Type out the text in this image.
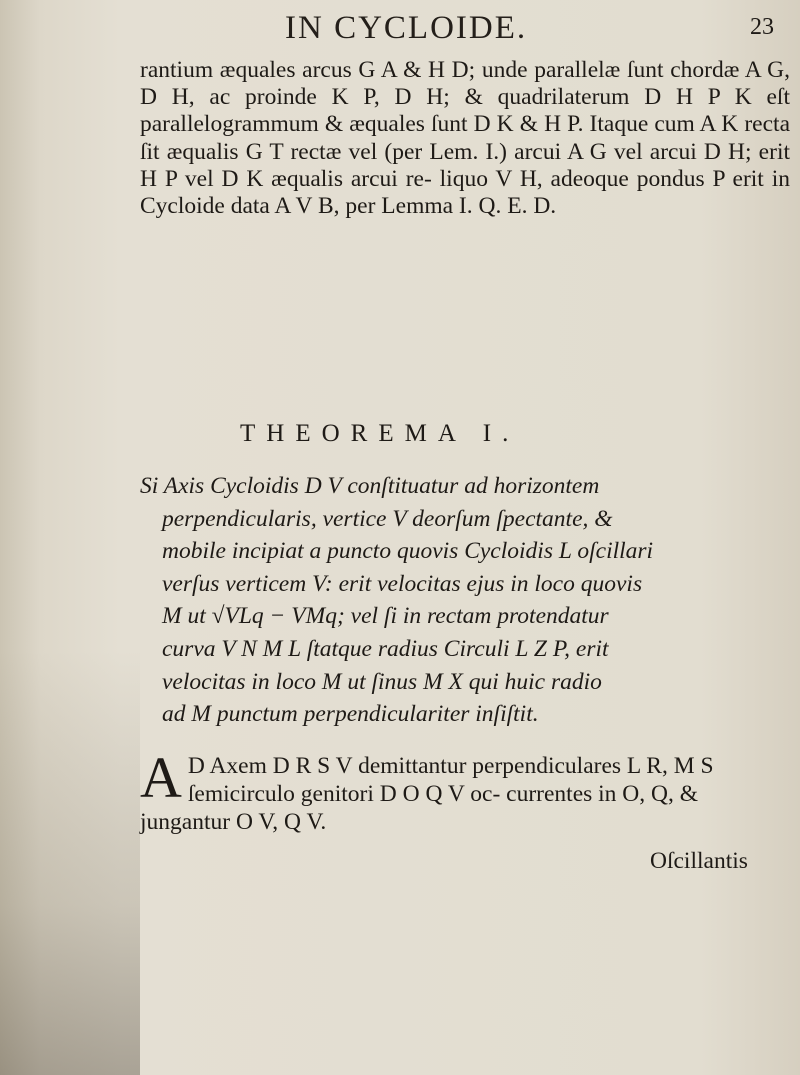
IN CYCLOIDE.	23

rantium æquales arcus G A & H D; unde parallelæ ſunt chordæ A G, D H, ac proinde K P, D H; & quadrilaterum D H P K eſt parallelogrammum & æquales ſunt D K & H P. Itaque cum A K recta ſit æqualis G T rectæ vel (per Lem. I.) arcui A G vel arcui D H; erit H P vel D K æqualis arcui re- liquo V H, adeoque pondus P erit in Cycloide data A V B, per Lemma I. Q. E. D.

THEOREMA I.

Si Axis Cycloidis D V conſtituatur ad horizontem
perpendicularis, vertice V deorſum ſpectante, &
mobile incipiat a puncto quovis Cycloidis L oſcillari
verſus verticem V: erit velocitas ejus in loco quovis
M ut √VLq − VMq; vel ſi in rectam protendatur
curva V N M L ſtatque radius Circuli L Z P, erit
velocitas in loco M ut ſinus M X qui huic radio
ad M punctum perpendiculariter inſiſtit.

A D Axem D R S V demittantur perpendiculares L R, M S ſemicirculo genitori D O Q V oc- currentes in O, Q, & jungantur O V, Q V.

Oſcillantis
